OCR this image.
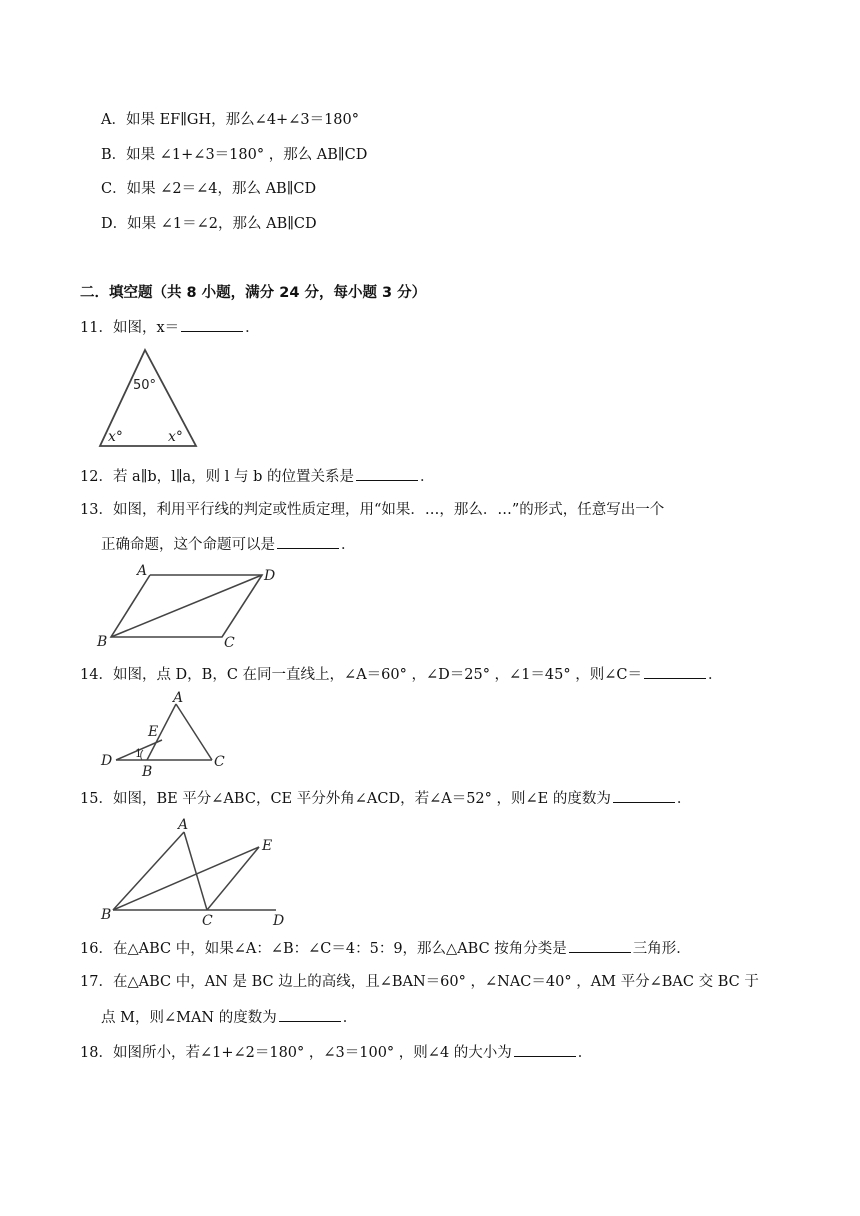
A．如果 EF∥GH，那么∠4+∠3＝180°
B．如果 ∠1+∠3＝180° ，那么 AB∥CD
C．如果 ∠2＝∠4，那么 AB∥CD
D．如果 ∠1＝∠2，那么 AB∥CD
二．填空题（共 8 小题，满分 24 分，每小题 3 分）
11．如图，x＝	．
50°
x°	x°
12．若 a∥b，l∥a，则 l 与 b 的位置关系是	．
13．如图，利用平行线的判定或性质定理，用“如果．…，那么．…”的形式，任意写出一个
正确命题，这个命题可以是	．
A	D
B	C
14．如图，点 D，B，C 在同一直线上，∠A＝60° ，∠D＝25° ，∠1＝45° ，则∠C＝	．
A
E
D 1
B
C
15．如图，BE 平分∠ABC，CE 平分外角∠ACD，若∠A＝52° ，则∠E 的度数为	．
A
E
B	C	D
16．在△ABC 中，如果∠A：∠B：∠C＝4：5：9，那么△ABC 按角分类是	三角形．
17．在△ABC 中，AN 是 BC 边上的高线，且∠BAN＝60° ，∠NAC＝40° ，AM 平分∠BAC 交 BC 于
点 M，则∠MAN 的度数为	．
18．如图所小，若∠1+∠2＝180° ，∠3＝100° ，则∠4 的大小为	．
